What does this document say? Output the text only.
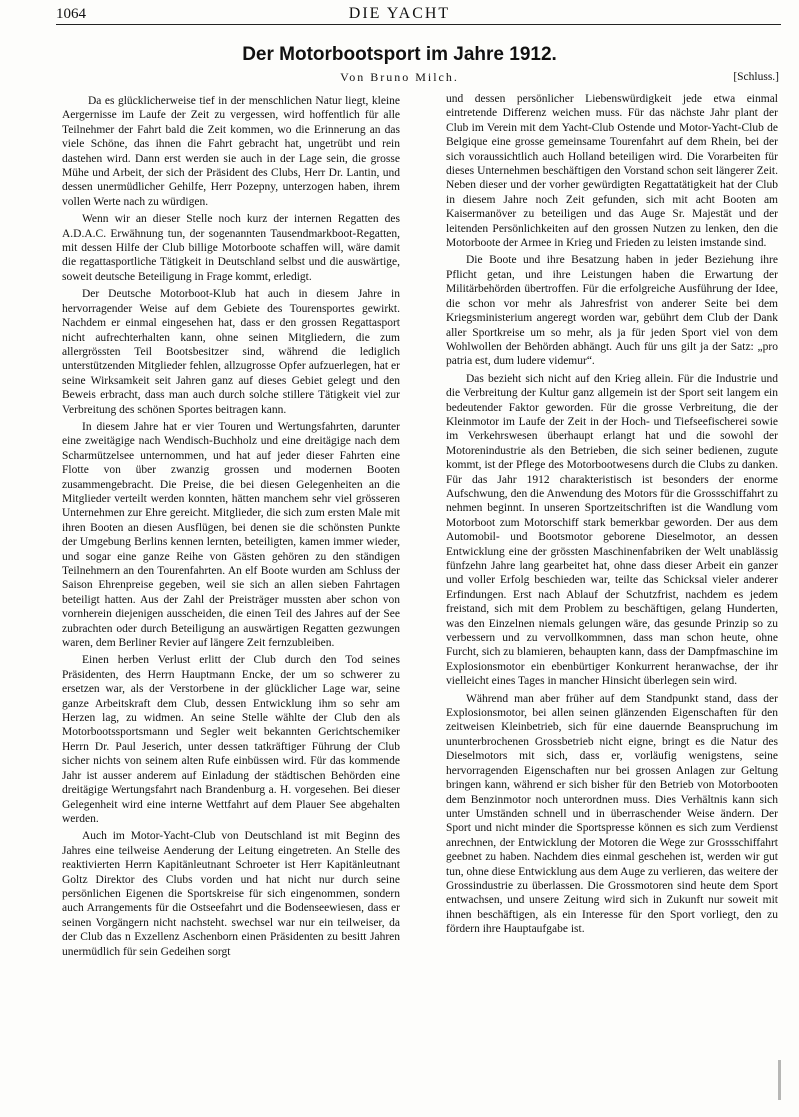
1064	DIE YACHT
Der Motorbootsport im Jahre 1912.
Von Bruno Milch.	[Schluss.]

Da es glücklicherweise tief in der menschlichen Natur liegt, kleine Aergernisse im Laufe der Zeit zu vergessen, wird hoffentlich für alle Teilnehmer der Fahrt bald die Zeit kommen, wo die Erinnerung an das viele Schöne, das ihnen die Fahrt gebracht hat, ungetrübt und rein dastehen wird. Dann erst werden sie auch in der Lage sein, die grosse Mühe und Arbeit, der sich der Präsident des Clubs, Herr Dr. Lantin, und dessen unermüdlicher Gehilfe, Herr Pozepny, unterzogen haben, ihrem vollen Werte nach zu würdigen.

Wenn wir an dieser Stelle noch kurz der internen Regatten des A.D.A.C. Erwähnung tun, der sogenannten Tausendmarkboot-Regatten, mit dessen Hilfe der Club billige Motorboote schaffen will, wäre damit die regattasportliche Tätigkeit in Deutschland selbst und die auswärtige, soweit deutsche Beteiligung in Frage kommt, erledigt.

Der Deutsche Motorboot-Klub hat auch in diesem Jahre in hervorragender Weise auf dem Gebiete des Tourensportes gewirkt. Nachdem er einmal eingesehen hat, dass er den grossen Regattasport nicht aufrechterhalten kann, ohne seinen Mitgliedern, die zum allergrössten Teil Bootsbesitzer sind, während die lediglich unterstützenden Mitglieder fehlen, allzugrosse Opfer aufzuerlegen, hat er seine Wirksamkeit seit Jahren ganz auf dieses Gebiet gelegt und den Beweis erbracht, dass man auch durch solche stillere Tätigkeit viel zur Verbreitung des schönen Sportes beitragen kann.

In diesem Jahre hat er vier Touren und Wertungsfahrten, darunter eine zweitägige nach Wendisch-Buchholz und eine dreitägige nach dem Scharmützelsee unternommen, und hat auf jeder dieser Fahrten eine Flotte von über zwanzig grossen und modernen Booten zusammengebracht. Die Preise, die bei diesen Gelegenheiten an die Mitglieder verteilt werden konnten, hätten manchem sehr viel grösseren Unternehmen zur Ehre gereicht. Mitglieder, die sich zum ersten Male mit ihren Booten an diesen Ausflügen, bei denen sie die schönsten Punkte der Umgebung Berlins kennen lernten, beteiligten, kamen immer wieder, und sogar eine ganze Reihe von Gästen gehören zu den ständigen Teilnehmern an den Tourenfahrten. An elf Boote wurden am Schluss der Saison Ehrenpreise gegeben, weil sie sich an allen sieben Fahrtagen beteiligt hatten. Aus der Zahl der Preisträger mussten aber schon von vornherein diejenigen ausscheiden, die einen Teil des Jahres auf der See zubrachten oder durch Beteiligung an auswärtigen Regatten gezwungen waren, dem Berliner Revier auf längere Zeit fernzubleiben.

Einen herben Verlust erlitt der Club durch den Tod seines Präsidenten, des Herrn Hauptmann Encke, der um so schwerer zu ersetzen war, als der Verstorbene in der glücklicher Lage war, seine ganze Arbeitskraft dem Club, dessen Entwicklung ihm so sehr am Herzen lag, zu widmen. An seine Stelle wählte der Club den als Motorbootssportsmann und Segler weit bekannten Gerichtschemiker Herrn Dr. Paul Jeserich, unter dessen tatkräftiger Führung der Club sicher nichts von seinem alten Rufe einbüssen wird. Für das kommende Jahr ist ausser anderem auf Einladung der städtischen Behörden eine dreitägige Wertungsfahrt nach Brandenburg a. H. vorgesehen. Bei dieser Gelegenheit wird eine interne Wettfahrt auf dem Plauer See abgehalten werden.

Auch im Motor-Yacht-Club von Deutschland ist mit Beginn des Jahres eine teilweise Aenderung der Leitung eingetreten. An Stelle des reaktivierten Herrn Kapitänleutnant Schroeter ist Herr Kapitänleutnant Goltz Direktor des Clubs vorden und hat nicht nur durch seine persönlichen Eigenen die Sportskreise für sich eingenommen, sondern auch Arrangements für die Ostseefahrt und die Bodenseewiesen, dass er seinen Vorgängern nicht nachsteht. swechsel war nur ein teilweiser, da der Club das n Exzellenz Aschenborn einen Präsidenten zu besitt Jahren unermüdlich für sein Gedeihen sorgt

und dessen persönlicher Liebenswürdigkeit jede etwa einmal eintretende Differenz weichen muss. Für das nächste Jahr plant der Club im Verein mit dem Yacht-Club Ostende und Motor-Yacht-Club de Belgique eine grosse gemeinsame Tourenfahrt auf dem Rhein, bei der sich voraussichtlich auch Holland beteiligen wird. Die Vorarbeiten für dieses Unternehmen beschäftigen den Vorstand schon seit längerer Zeit. Neben dieser und der vorher gewürdigten Regattatätigkeit hat der Club in diesem Jahre noch Zeit gefunden, sich mit acht Booten am Kaisermanöver zu beteiligen und das Auge Sr. Majestät und der leitenden Persönlichkeiten auf den grossen Nutzen zu lenken, den die Motorboote der Armee in Krieg und Frieden zu leisten imstande sind.

Die Boote und ihre Besatzung haben in jeder Beziehung ihre Pflicht getan, und ihre Leistungen haben die Erwartung der Militärbehörden übertroffen. Für die erfolgreiche Ausführung der Idee, die schon vor mehr als Jahresfrist von anderer Seite bei dem Kriegsministerium angeregt worden war, gebührt dem Club der Dank aller Sportkreise um so mehr, als ja für jeden Sport viel von dem Wohlwollen der Behörden abhängt. Auch für uns gilt ja der Satz: „pro patria est, dum ludere videmur“.

Das bezieht sich nicht auf den Krieg allein. Für die Industrie und die Verbreitung der Kultur ganz allgemein ist der Sport seit langem ein bedeutender Faktor geworden. Für die grosse Verbreitung, die der Kleinmotor im Laufe der Zeit in der Hoch- und Tiefseefischerei sowie im Verkehrswesen überhaupt erlangt hat und die sowohl der Motorenindustrie als den Betrieben, die sich seiner bedienen, zugute kommt, ist der Pflege des Motorbootwesens durch die Clubs zu danken. Für das Jahr 1912 charakteristisch ist besonders der enorme Aufschwung, den die Anwendung des Motors für die Grossschiffahrt zu nehmen beginnt. In unseren Sportzeitschriften ist die Wandlung vom Motorboot zum Motorschiff stark bemerkbar geworden. Der aus dem Automobil- und Bootsmotor geborene Dieselmotor, an dessen Entwicklung eine der grössten Maschinenfabriken der Welt unablässig fünfzehn Jahre lang gearbeitet hat, ohne dass dieser Arbeit ein ganzer und voller Erfolg beschieden war, teilte das Schicksal vieler anderer Erfindungen. Erst nach Ablauf der Schutzfrist, nachdem es jedem freistand, sich mit dem Problem zu beschäftigen, gelang Hunderten, was den Einzelnen niemals gelungen wäre, das gesunde Prinzip so zu verbessern und zu vervollkommnen, dass man schon heute, ohne Furcht, sich zu blamieren, behaupten kann, dass der Dampfmaschine im Explosionsmotor ein ebenbürtiger Konkurrent heranwachse, der ihr vielleicht eines Tages in mancher Hinsicht überlegen sein wird.

Während man aber früher auf dem Standpunkt stand, dass der Explosionsmotor, bei allen seinen glänzenden Eigenschaften für den zeitweisen Kleinbetrieb, sich für eine dauernde Beanspruchung im ununterbrochenen Grossbetrieb nicht eigne, bringt es die Natur des Dieselmotors mit sich, dass er, vorläufig wenigstens, seine hervorragenden Eigenschaften nur bei grossen Anlagen zur Geltung bringen kann, während er sich bisher für den Betrieb von Motorbooten dem Benzinmotor noch unterordnen muss. Dies Verhältnis kann sich unter Umständen schnell und in überraschender Weise ändern. Der Sport und nicht minder die Sportspresse können es sich zum Verdienst anrechnen, der Entwicklung der Motoren die Wege zur Grossschiffahrt geebnet zu haben. Nachdem dies einmal geschehen ist, werden wir gut tun, ohne diese Entwicklung aus dem Auge zu verlieren, das weitere der Grossindustrie zu überlassen. Die Grossmotoren sind heute dem Sport entwachsen, und unsere Zeitung wird sich in Zukunft nur soweit mit ihnen beschäftigen, als ein Interesse für den Sport vorliegt, den zu fördern ihre Hauptaufgabe ist.
